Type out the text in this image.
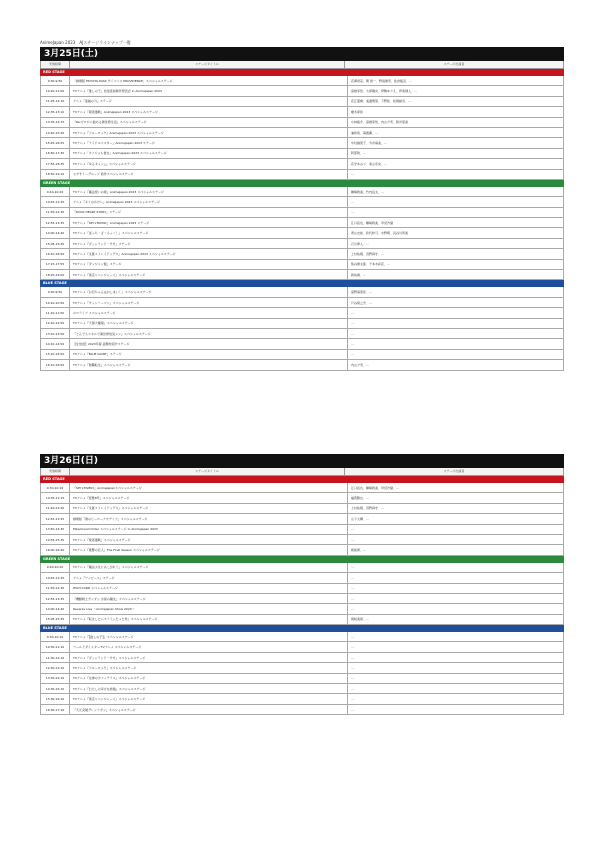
AnimeJapan 2023　AJステージラインナップ一覧
3月25日(土)
実施時間	ステージタイトル	ステージ出演者
RED STAGE
9:30-9:50	「劇場版 PSYCHO-PASS サイコパス PROVIDENCE」スペシャルステージ	花澤香菜、関 智一、野島健児、佐倉綾音、…
10:20-11:00	TVアニメ『推しの子』放送直前制作発表会 in AnimeJapan 2023	高橋李依、大塚剛央、伊駒ゆりえ、伊東健人、…
11:25-12:10	アニメ『鬼滅の刃』ステージ	花江夏樹、鬼頭明里、下野紘、松岡禎丞、…
12:35-13:10	TVアニメ『呪術廻戦』AnimeJapan 2023 スペシャルステージ	榎木淳弥
13:35-14:15	『Re:ゼロから始める異世界生活』スペシャルステージ	小林裕介、高橋李依、内山夕実、新井里美
14:40-15:20	TVアニメ『ブルーロック』AnimeJapan 2023 スペシャルステージ	浦和希、海渡翼、…
15:45-16:25	TVアニメ『アイドルマスター』AnimeJapan 2023 ステージ	中村繪里子、今井麻美、…
16:50-17:30	TVアニメ「カノジョも彼女」AnimeJapan 2023 スペシャルステージ	阿部敦、…
17:55-18:35	TVアニメ『ゆるキャン△』スペシャルステージ	花守ゆみり、東山奈央、…
18:50-19:10	セガサミーグループ 新作スペシャルステージ	…
GREEN STAGE
9:40-10:20	TVアニメ『魔法使いの嫁』AnimeJapan 2023 スペシャルステージ	種﨑敦美、竹内良太、…
10:45-11:25	アニメ『キミのかけら』AnimeJapan 2023 スペシャルステージ	…
11:50-12:30	『ROCK HEART STORY』ステージ	…
12:55-13:35	TVアニメ『SPY×FAMILY』AnimeJapan 2023 ステージ	江口拓也、種﨑敦美、早見沙織
14:00-14:40	TVアニメ『ぼっち・ざ・ろっく！』スペシャルステージ	青山吉能、鈴代紗弓、水野朔、長谷川育美
15:05-15:45	TVアニメ『ヴィンランド・サガ』ステージ	石川界人、…
16:10-16:50	TVアニメ『文豪ストレイドッグス』AnimeJapan 2023 スペシャルステージ	上村祐翔、宮野真守、…
17:15-17:55	TVアニメ『ダンジョン飯』ステージ	熊谷健太郎、千本木彩花、…
18:20-19:00	TVアニメ『東京リベンジャーズ』スペシャルステージ	新祐樹、…
BLUE STAGE
9:30-9:50	TVアニメ『お兄ちゃんはおしまい！』スペシャルステージ	高野麻里佳、…
10:10-10:50	TVアニメ『チェンソーマン』スペシャルステージ	戸谷菊之介、…
11:10-11:50	ホロライブ スペシャルステージ	…
12:10-12:50	TVアニメ『天国大魔境』スペシャルステージ	…
13:10-13:50	『とんでもスキルで異世界放浪メシ』スペシャルステージ	…
14:10-14:50	【生放送】2023年春 話題作紹介ステージ	…
15:10-15:50	TVアニメ『BLUE GIANT』ステージ	…
16:10-16:50	TVアニメ『無職転生』スペシャルステージ	内山夕実、…
3月26日(日)
実施時間	ステージタイトル	ステージ出演者
RED STAGE
9:30-10:10	『SPY×FAMILY』AnimeJapanスペシャルステージ	江口拓也、種﨑敦美、早見沙織、…
10:35-11:15	TVアニメ『怪獣8号』スペシャルステージ	福西勝也、…
11:40-12:20	TVアニメ『文豪ストレイドッグス』スペシャルステージ	上村祐翔、宮野真守、…
12:45-13:25	劇場版『僕のヒーローアカデミア』スペシャルステージ	山下大輝、…
13:50-14:30	Fate/Grand Order スペシャルステージ in AnimeJapan 2023	…
14:55-15:35	TVアニメ『呪術廻戦』スペシャルステージ	…
16:00-16:40	TVアニメ『進撃の巨人』The Final Season スペシャルステージ	梶裕貴、…
GREEN STAGE
9:40-10:20	TVアニメ『魔法少女にあこがれて』スペシャルステージ	…
10:45-11:25	アニメ『ワンピース』ステージ	…
11:50-12:30	HIGH CARD スペシャルステージ	…
12:55-13:35	『機動戦士ガンダム 水星の魔女』スペシャルステージ	…
14:00-14:40	Reverse Live ～AnimeJapan Show 2023～	…
15:05-15:45	TVアニメ『転生したらスライムだった件』スペシャルステージ	岡咲美保、…
BLUE STAGE
9:30-10:10	TVアニメ『【推しの子】』スペシャルステージ	…
10:30-11:10	ワールドダイスター TVアニメ スペシャルステージ	…
11:30-12:10	TVアニメ『ヴィンランド・サガ』スペシャルステージ	…
12:30-13:10	TVアニメ『ブルーロック』スペシャルステージ	…
13:30-14:10	TVアニメ『女神のカフェテラス』スペシャルステージ	…
14:30-15:10	TVアニメ『わたしの幸せな結婚』スペシャルステージ	…
15:30-16:10	TVアニメ『東京リベンジャーズ』スペシャルステージ	…
16:30-17:10	『天元突破グレンラガン』スペシャルステージ	…
